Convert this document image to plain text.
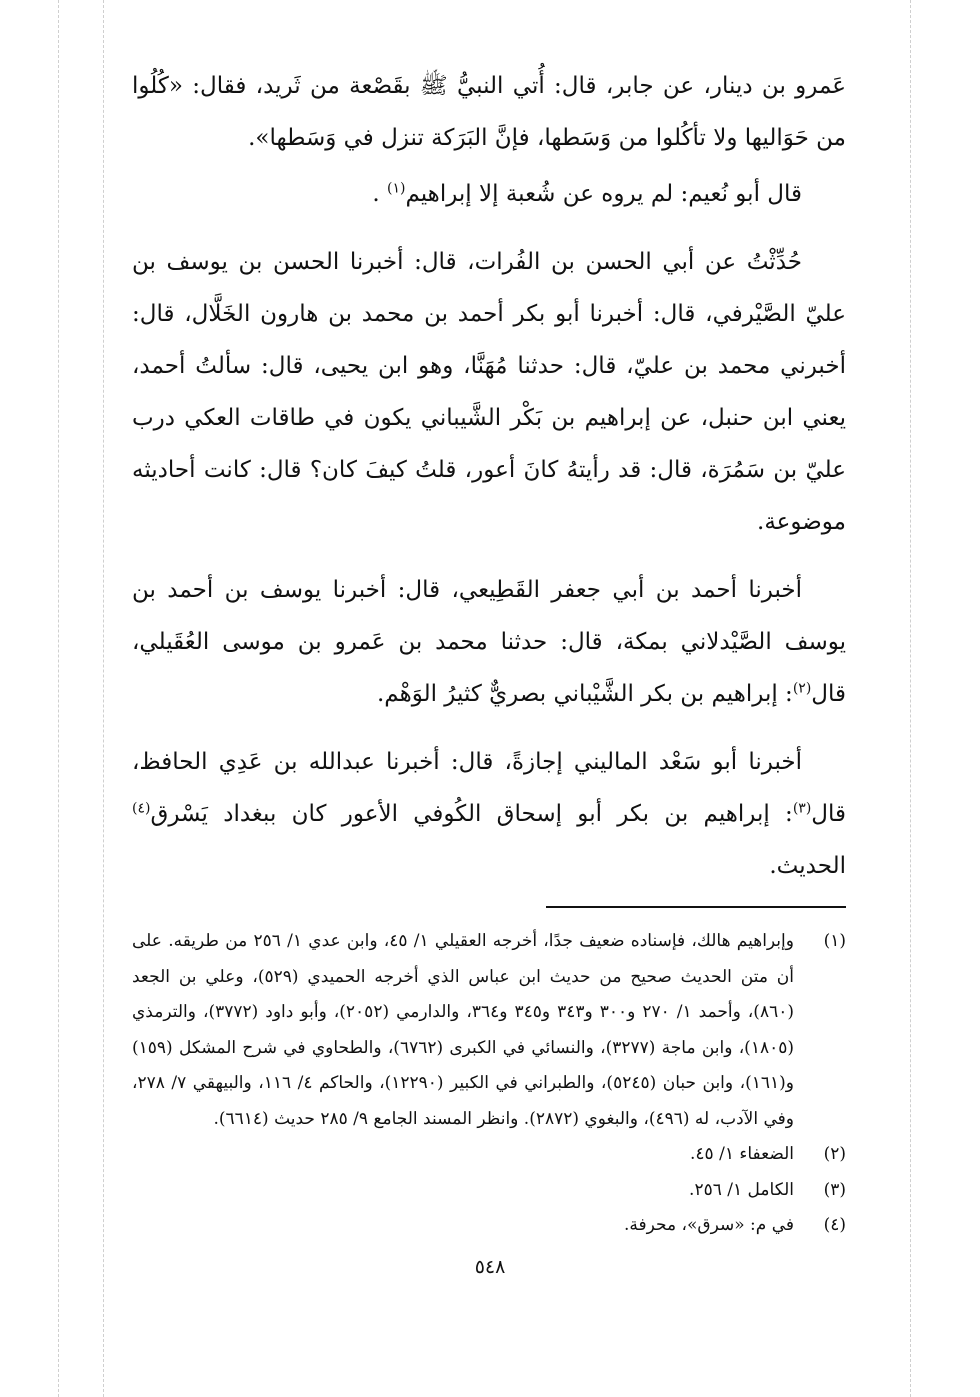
عَمرو بن دينار، عن جابر، قال: أُتي النبيُّ ﷺ بقَصْعة من ثَريد، فقال: «كُلُوا من حَوَاليها ولا تأكُلوا من وَسَطها، فإنَّ البَرَكة تنزل في وَسَطها».

قال أبو نُعيم: لم يروه عن شُعبة إلا إبراهيم$^{(١)}$ .

حُدِّثْتُ عن أبي الحسن بن الفُرات، قال: أخبرنا الحسن بن يوسف بن عليّ الصَّيْرفي، قال: أخبرنا أبو بكر أحمد بن محمد بن هارون الخَلَّال، قال: أخبرني محمد بن عليّ، قال: حدثنا مُهَنَّا، وهو ابن يحيى، قال: سألتُ أحمد، يعني ابن حنبل، عن إبراهيم بن بَكْر الشَّيباني يكون في طاقات العكي درب عليّ بن سَمُرَة، قال: قد رأيتهُ كانَ أعور، قلتُ كيفَ كان؟ قال: كانت أحاديثه موضوعة.

أخبرنا أحمد بن أبي جعفر القَطِيعي، قال: أخبرنا يوسف بن أحمد بن يوسف الصَّيْدلاني بمكة، قال: حدثنا محمد بن عَمرو بن موسى العُقَيلي، قال$^{(٢)}$: إبراهيم بن بكر الشَّيْباني بصريٌّ كثيرُ الوَهْم.

أخبرنا أبو سَعْد الماليني إجازةً، قال: أخبرنا عبدالله بن عَدِي الحافظ، قال$^{(٣)}$: إبراهيم بن بكر أبو إسحاق الكُوفي الأعور كان ببغداد يَسْرق$^{(٤)}$ الحديث.

(١)
وإبراهيم هالك، فإسناده ضعيف جدًا، أخرجه العقيلي ١/ ٤٥، وابن عدي ١/ ٢٥٦ من طريقه. على أن متن الحديث صحيح من حديث ابن عباس الذي أخرجه الحميدي (٥٢٩)، وعلي بن الجعد (٨٦٠)، وأحمد ١/ ٢٧٠ و٣٠٠ و٣٤٣ و٣٤٥ و٣٦٤، والدارمي (٢٠٥٢)، وأبو داود (٣٧٧٢)، والترمذي (١٨٠٥)، وابن ماجة (٣٢٧٧)، والنسائي في الكبرى (٦٧٦٢)، والطحاوي في شرح المشكل (١٥٩) و(١٦١)، وابن حبان (٥٢٤٥)، والطبراني في الكبير (١٢٢٩٠)، والحاكم ٤/ ١١٦، والبيهقي ٧/ ٢٧٨، وفي الآدب، له (٤٩٦)، والبغوي (٢٨٧٢). وانظر المسند الجامع ٩/ ٢٨٥ حديث (٦٦١٤).
(٢)
الضعفاء ١/ ٤٥.
(٣)
الكامل ١/ ٢٥٦.
(٤)
في م: «سرق»، محرفة.
٥٤٨
